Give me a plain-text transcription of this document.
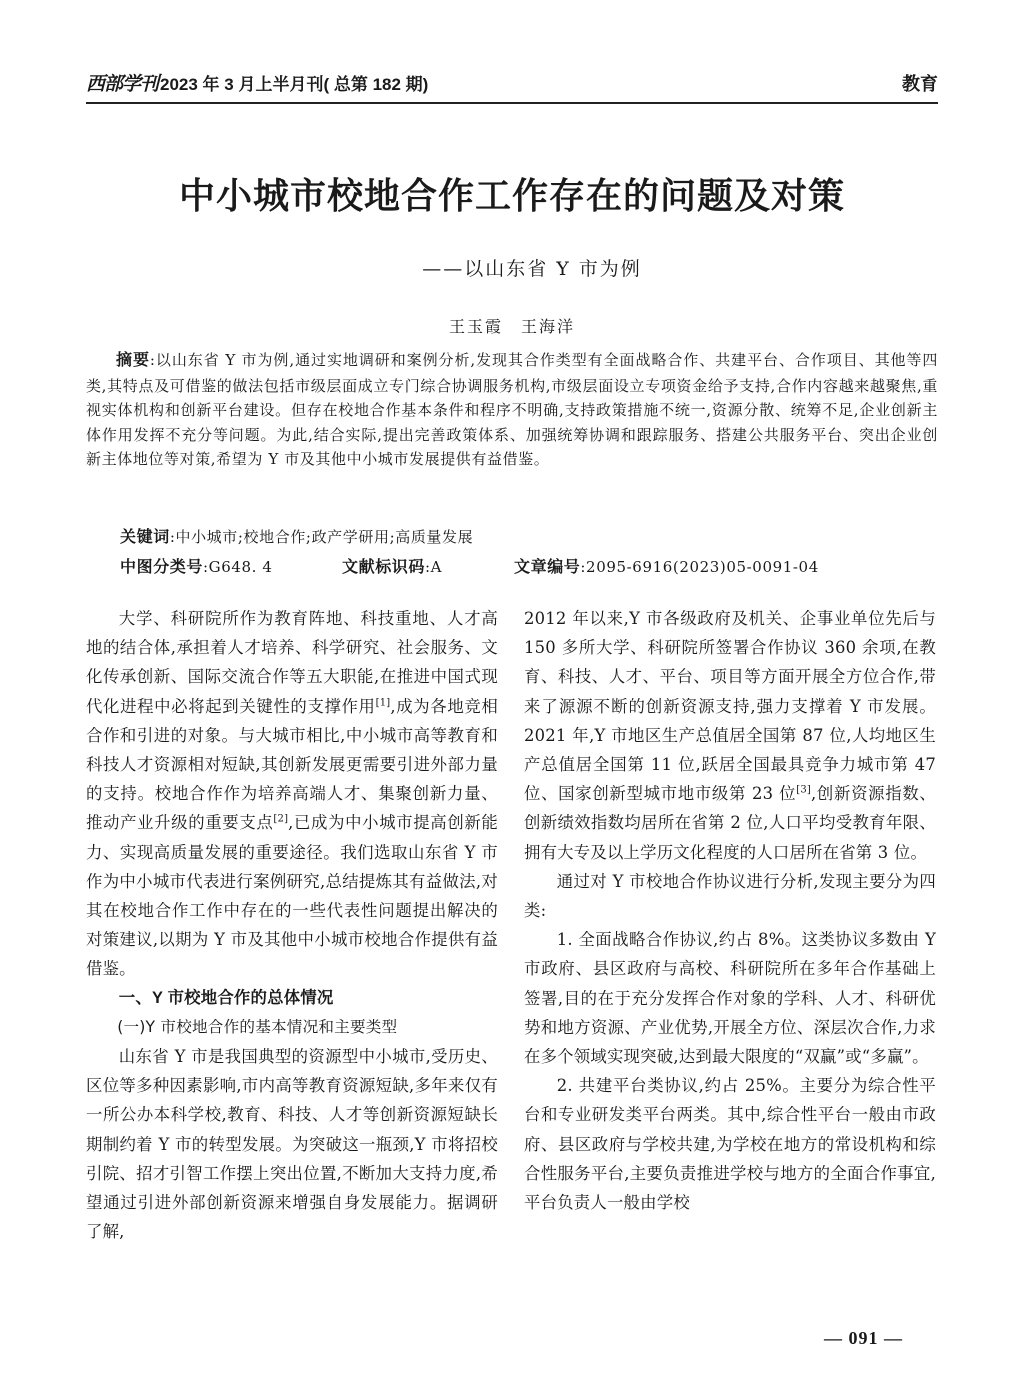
西部学刊 2023 年 3 月上半月刊( 总第 182 期)	教育
中小城市校地合作工作存在的问题及对策
——以山东省 Y 市为例
王玉霞　王海洋
摘要:以山东省 Y 市为例,通过实地调研和案例分析,发现其合作类型有全面战略合作、共建平台、合作项目、其他等四类,其特点及可借鉴的做法包括市级层面成立专门综合协调服务机构,市级层面设立专项资金给予支持,合作内容越来越聚焦,重视实体机构和创新平台建设。但存在校地合作基本条件和程序不明确,支持政策措施不统一,资源分散、统筹不足,企业创新主体作用发挥不充分等问题。为此,结合实际,提出完善政策体系、加强统筹协调和跟踪服务、搭建公共服务平台、突出企业创新主体地位等对策,希望为 Y 市及其他中小城市发展提供有益借鉴。
关键词:中小城市;校地合作;政产学研用;高质量发展
中图分类号:G648. 4	文献标识码:A	文章编号:2095-6916(2023)05-0091-04

大学、科研院所作为教育阵地、科技重地、人才高地的结合体,承担着人才培养、科学研究、社会服务、文化传承创新、国际交流合作等五大职能,在推进中国式现代化进程中必将起到关键性的支撑作用[1],成为各地竞相合作和引进的对象。与大城市相比,中小城市高等教育和科技人才资源相对短缺,其创新发展更需要引进外部力量的支持。校地合作作为培养高端人才、集聚创新力量、推动产业升级的重要支点[2],已成为中小城市提高创新能力、实现高质量发展的重要途径。我们选取山东省 Y 市作为中小城市代表进行案例研究,总结提炼其有益做法,对其在校地合作工作中存在的一些代表性问题提出解决的对策建议,以期为 Y 市及其他中小城市校地合作提供有益借鉴。

一、Y 市校地合作的总体情况

(一)Y 市校地合作的基本情况和主要类型

山东省 Y 市是我国典型的资源型中小城市,受历史、区位等多种因素影响,市内高等教育资源短缺,多年来仅有一所公办本科学校,教育、科技、人才等创新资源短缺长期制约着 Y 市的转型发展。为突破这一瓶颈,Y 市将招校引院、招才引智工作摆上突出位置,不断加大支持力度,希望通过引进外部创新资源来增强自身发展能力。据调研了解,

2012 年以来,Y 市各级政府及机关、企事业单位先后与 150 多所大学、科研院所签署合作协议 360 余项,在教育、科技、人才、平台、项目等方面开展全方位合作,带来了源源不断的创新资源支持,强力支撑着 Y 市发展。2021 年,Y 市地区生产总值居全国第 87 位,人均地区生产总值居全国第 11 位,跃居全国最具竞争力城市第 47 位、国家创新型城市地市级第 23 位[3],创新资源指数、创新绩效指数均居所在省第 2 位,人口平均受教育年限、拥有大专及以上学历文化程度的人口居所在省第 3 位。

通过对 Y 市校地合作协议进行分析,发现主要分为四类:

1. 全面战略合作协议,约占 8%。这类协议多数由 Y 市政府、县区政府与高校、科研院所在多年合作基础上签署,目的在于充分发挥合作对象的学科、人才、科研优势和地方资源、产业优势,开展全方位、深层次合作,力求在多个领域实现突破,达到最大限度的“双赢”或“多赢”。

2. 共建平台类协议,约占 25%。主要分为综合性平台和专业研发类平台两类。其中,综合性平台一般由市政府、县区政府与学校共建,为学校在地方的常设机构和综合性服务平台,主要负责推进学校与地方的全面合作事宜,平台负责人一般由学校

— 091 —
